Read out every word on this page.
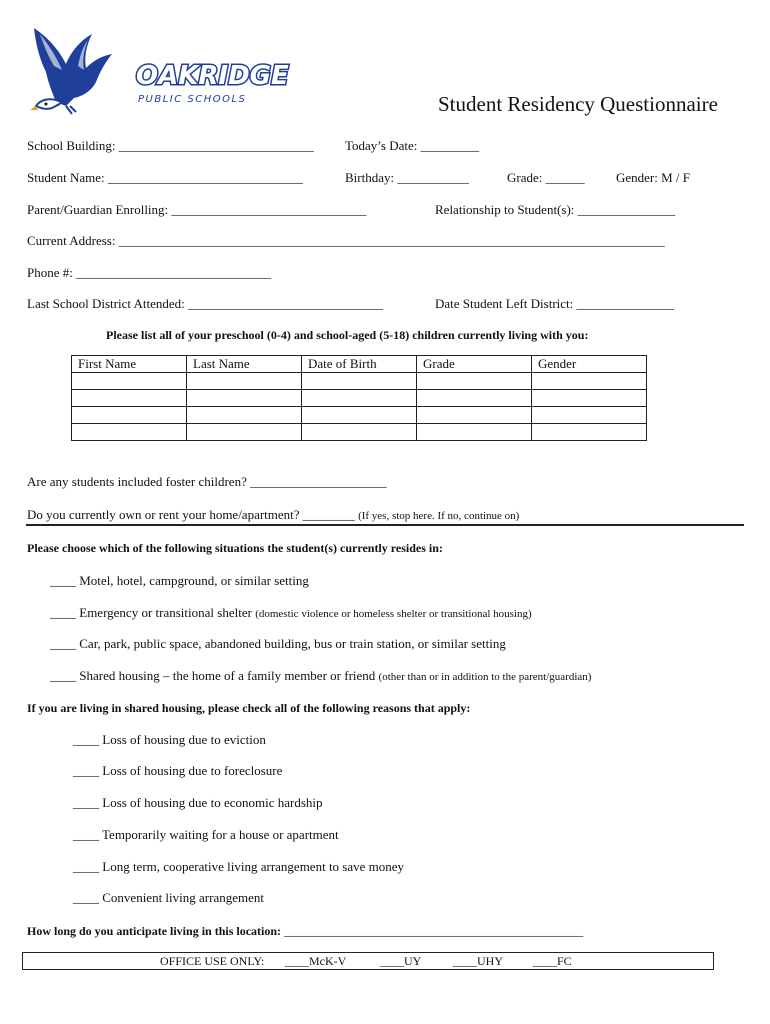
OAKRIDGE
PUBLIC SCHOOLS	Student Residency Questionnaire
School Building: ______________________________ Today’s Date: _________
Student Name: ______________________________	Birthday: ___________	Grade: ______ Gender: M / F
Parent/Guardian Enrolling: ______________________________	Relationship to Student(s): _______________
Current Address: ____________________________________________________________________________________
Phone #: ______________________________
Last School District Attended: ______________________________	Date Student Left District: _______________
Please list all of your preschool (0-4) and school-aged (5-18) children currently living with you:
First Name	Last Name	Date of Birth	Grade	Gender

Are any students included foster children? _____________________
Do you currently own or rent your home/apartment? ________ (If yes, stop here. If no, continue on)
Please choose which of the following situations the student(s) currently resides in:
____ Motel, hotel, campground, or similar setting
____ Emergency or transitional shelter (domestic violence or homeless shelter or transitional housing)
____ Car, park, public space, abandoned building, bus or train station, or similar setting
____ Shared housing – the home of a family member or friend (other than or in addition to the parent/guardian)
If you are living in shared housing, please check all of the following reasons that apply:
____ Loss of housing due to eviction
____ Loss of housing due to foreclosure
____ Loss of housing due to economic hardship
____ Temporarily waiting for a house or apartment
____ Long term, cooperative living arrangement to save money
____ Convenient living arrangement
How long do you anticipate living in this location: ______________________________________________
OFFICE USE ONLY: ____McK-V	____UY	____UHY	____FC
